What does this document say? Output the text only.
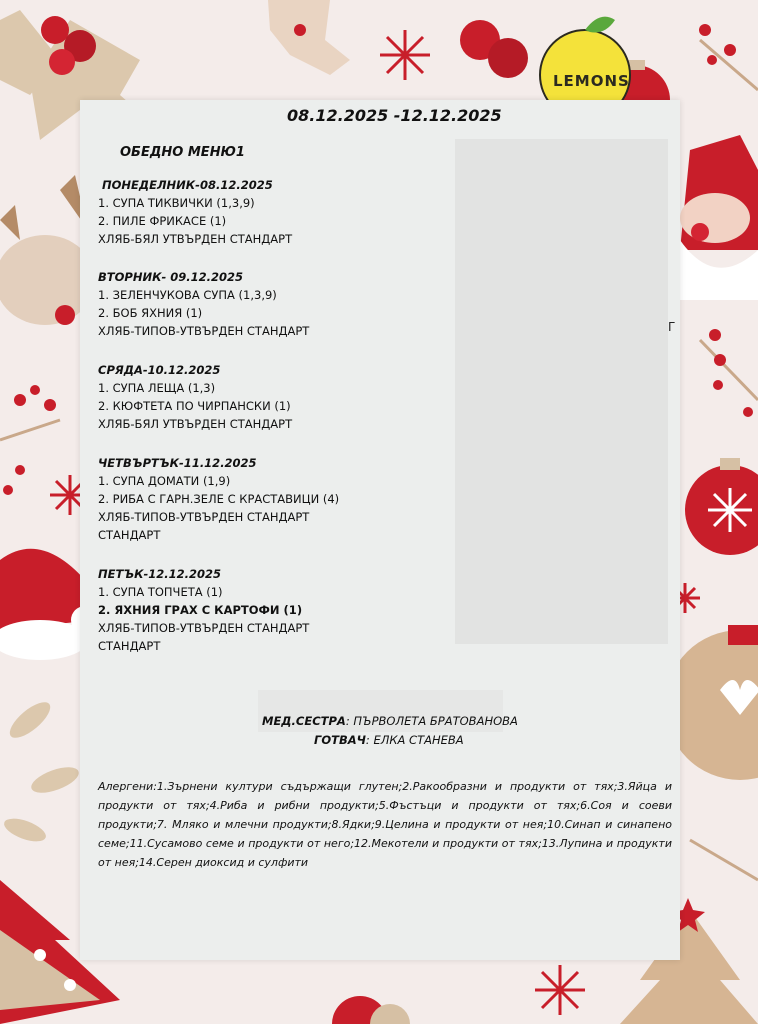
LEMONS
08.12.2025 -12.12.2025
ОБЕДНО МЕНЮ1
ПОНЕДЕЛНИК-08.12.2025
1. СУПА ТИКВИЧКИ (1,3,9)
2. ПИЛЕ ФРИКАСЕ (1)
ХЛЯБ-БЯЛ УТВЪРДЕН СТАНДАРТ
ВТОРНИК- 09.12.2025
1. ЗЕЛЕНЧУКОВА СУПА (1,3,9)
2. БОБ ЯХНИЯ (1)
ХЛЯБ-ТИПОВ-УТВЪРДЕН СТАНДАРТ	Г
СРЯДА-10.12.2025
1. СУПА ЛЕЩА (1,3)
2. КЮФТЕТА ПО ЧИРПАНСКИ (1)
ХЛЯБ-БЯЛ УТВЪРДЕН СТАНДАРТ
ЧЕТВЪРТЪК-11.12.2025
1. СУПА ДОМАТИ (1,9)
2. РИБА С ГАРН.ЗЕЛЕ С КРАСТАВИЦИ (4)
ХЛЯБ-ТИПОВ-УТВЪРДЕН СТАНДАРТ
СТАНДАРТ
ПЕТЪК-12.12.2025
1. СУПА ТОПЧЕТА (1)
2. ЯХНИЯ ГРАХ С КАРТОФИ (1)
ХЛЯБ-ТИПОВ-УТВЪРДЕН СТАНДАРТ
СТАНДАРТ
МЕД.СЕСТРА: ПЪРВОЛЕТА БРАТОВАНОВА
ГОТВАЧ: ЕЛКА СТАНЕВА
Алергени:1.Зърнени култури съдържащи глутен;2.Ракообразни и продукти от тях;3.Яйца и продукти от тях;4.Риба и рибни продукти;5.Фъстъци и продукти от тях;6.Соя и соеви продукти;7. Мляко и млечни продукти;8.Ядки;9.Целина и продукти от нея;10.Синап и синапено семе;11.Сусамово семе и продукти от него;12.Мекотели и продукти от тях;13.Лупина и продукти от нея;14.Серен диоксид и сулфити
